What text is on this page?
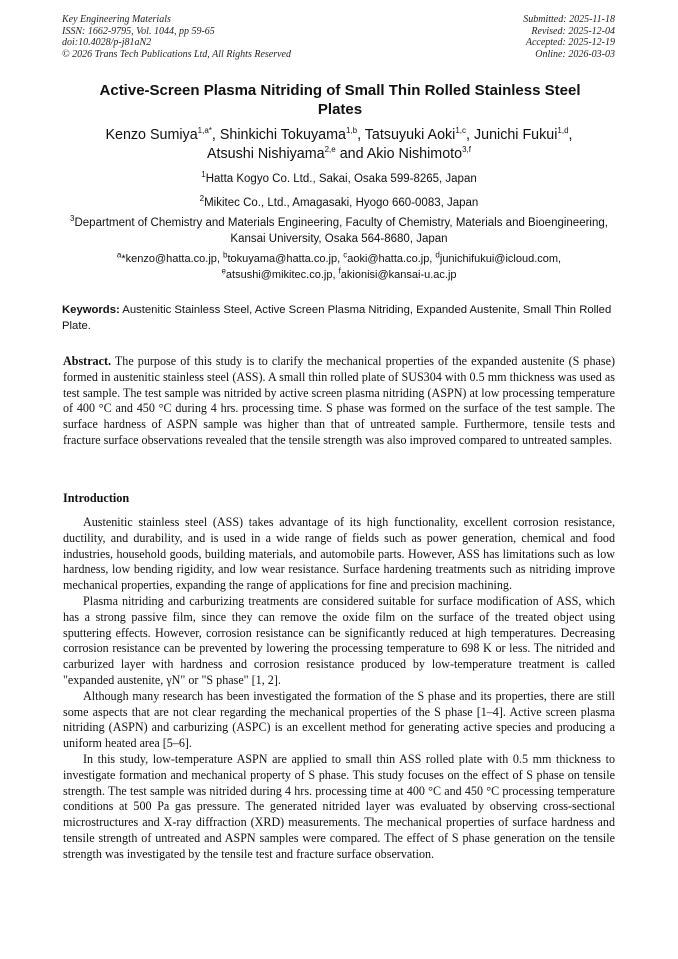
Key Engineering Materials
ISSN: 1662-9795, Vol. 1044, pp 59-65
doi:10.4028/p-j81aN2
© 2026 Trans Tech Publications Ltd, All Rights Reserved
Submitted: 2025-11-18
Revised: 2025-12-04
Accepted: 2025-12-19
Online: 2026-03-03
Active-Screen Plasma Nitriding of Small Thin Rolled Stainless Steel Plates
Kenzo Sumiya$^{1,a*}$, Shinkichi Tokuyama$^{1,b}$, Tatsuyuki Aoki$^{1,c}$, Junichi Fukui$^{1,d}$,
Atsushi Nishiyama$^{2,e}$ and Akio Nishimoto$^{3,f}$
$^1$Hatta Kogyo Co. Ltd., Sakai, Osaka 599-8265, Japan
$^2$Mikitec Co., Ltd., Amagasaki, Hyogo 660-0083, Japan
$^3$Department of Chemistry and Materials Engineering, Faculty of Chemistry, Materials and Bioengineering, Kansai University, Osaka 564-8680, Japan
$^a$*kenzo@hatta.co.jp, $^b$tokuyama@hatta.co.jp, $^c$aoki@hatta.co.jp, $^d$junichifukui@icloud.com,
$^e$atsushi@mikitec.co.jp, $^f$akionisi@kansai-u.ac.jp
Keywords: Austenitic Stainless Steel, Active Screen Plasma Nitriding, Expanded Austenite, Small Thin Rolled Plate.
Abstract. The purpose of this study is to clarify the mechanical properties of the expanded austenite (S phase) formed in austenitic stainless steel (ASS). A small thin rolled plate of SUS304 with 0.5 mm thickness was used as test sample. The test sample was nitrided by active screen plasma nitriding (ASPN) at low processing temperature of 400 °C and 450 °C during 4 hrs. processing time. S phase was formed on the surface of the test sample. The surface hardness of ASPN sample was higher than that of untreated sample. Furthermore, tensile tests and fracture surface observations revealed that the tensile strength was also improved compared to untreated samples.
Introduction

Austenitic stainless steel (ASS) takes advantage of its high functionality, excellent corrosion resistance, ductility, and durability, and is used in a wide range of fields such as power generation, chemical and food industries, household goods, building materials, and automobile parts. However, ASS has limitations such as low hardness, low bending rigidity, and low wear resistance. Surface hardening treatments such as nitriding improve mechanical properties, expanding the range of applications for fine and precision machining.

Plasma nitriding and carburizing treatments are considered suitable for surface modification of ASS, which has a strong passive film, since they can remove the oxide film on the surface of the treated object using sputtering effects. However, corrosion resistance can be significantly reduced at high temperatures. Decreasing corrosion resistance can be prevented by lowering the processing temperature to 698 K or less. The nitrided and carburized layer with hardness and corrosion resistance produced by low-temperature treatment is called "expanded austenite, γN" or "S phase" [1, 2].

Although many research has been investigated the formation of the S phase and its properties, there are still some aspects that are not clear regarding the mechanical properties of the S phase [1–4]. Active screen plasma nitriding (ASPN) and carburizing (ASPC) is an excellent method for generating active species and producing a uniform heated area [5–6].

In this study, low-temperature ASPN are applied to small thin ASS rolled plate with 0.5 mm thickness to investigate formation and mechanical property of S phase. This study focuses on the effect of S phase on tensile strength. The test sample was nitrided during 4 hrs. processing time at 400 °C and 450 °C processing temperature conditions at 500 Pa gas pressure. The generated nitrided layer was evaluated by observing cross-sectional microstructures and X-ray diffraction (XRD) measurements. The mechanical properties of surface hardness and tensile strength of untreated and ASPN samples were compared. The effect of S phase generation on the tensile strength was investigated by the tensile test and fracture surface observation.
